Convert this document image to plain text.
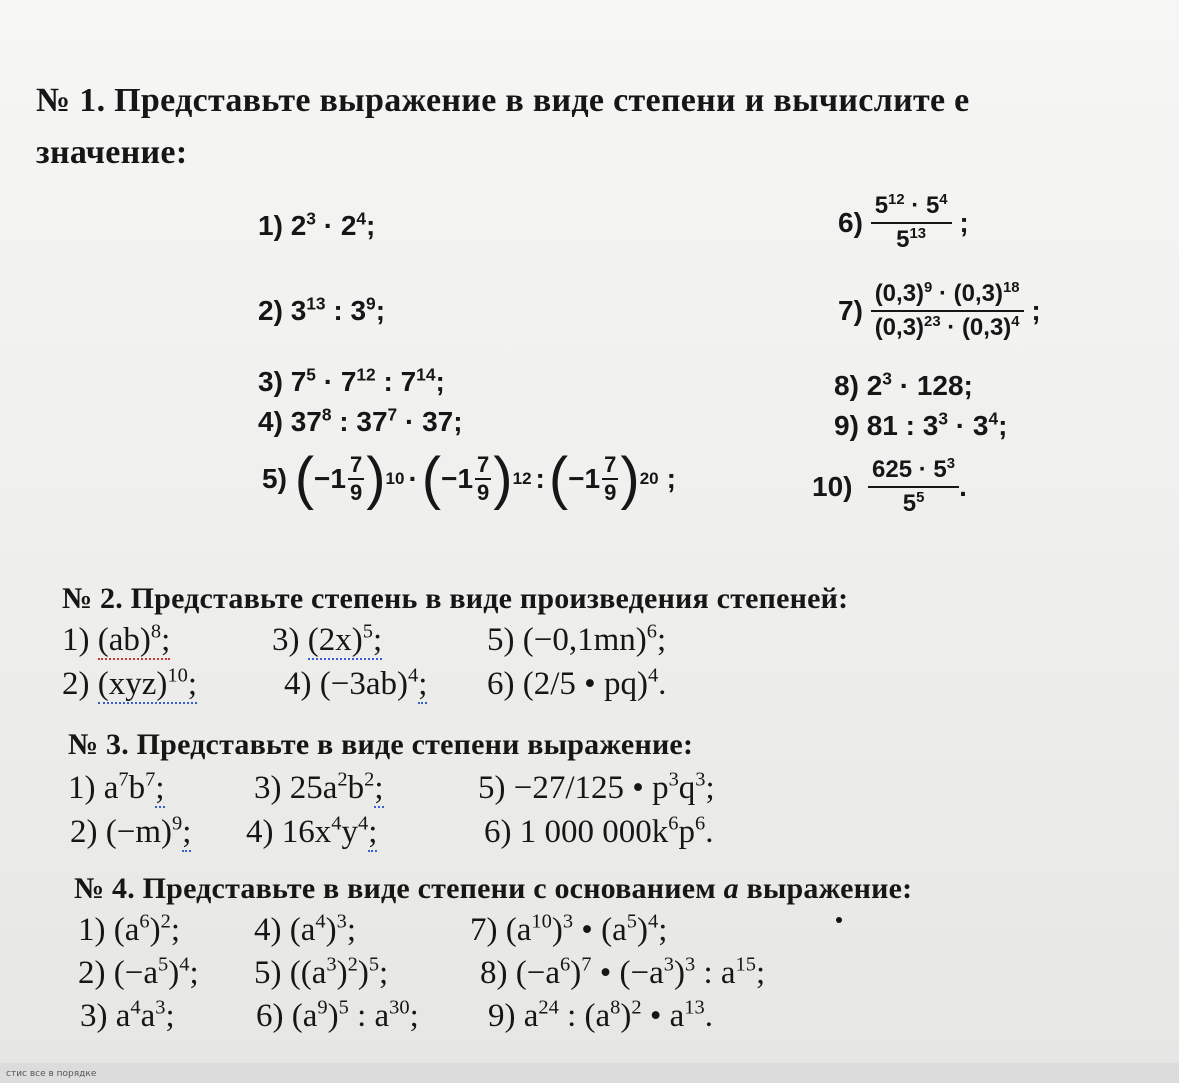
№ 1. Представьте выражение в виде степени и вычислите е
значение:
1) $2^3 \cdot 2^4$;
2) $3^{13}$ : $3^9$;
3) $7^5 \cdot 7^{12}$ : $7^{14}$;
4) $37^8$ : $37^7 \cdot 37$;
5)
( $-1 \frac{7}{9}$ ) 10 · ( $-1 \frac{7}{9}$ ) 12 : ( $-1 \frac{7}{9}$ ) 20 ;
6)
$\frac{5^{12} \cdot 5^4}{5^{13}}$
;
7)
$\frac{(0,3)^9 \cdot (0,3)^{18}}{(0,3)^{23} \cdot (0,3)^4}$
;
8) $2^3 \cdot 128$;
9) 81 : $3^3 \cdot 3^4$;
10)
$\frac{625 \cdot 5^3}{5^5}$ .
№ 2. Представьте степень в виде произведения степеней:
1) (ab)$^8$;	3) $(2x)^5$;	5) $(-0,1mn)^6$;
2) (xyz)$^{10}$;	4) $(-3ab)^4$; 6) (2/5 • pq)$^4$.
№ 3. Представьте в виде степени выражение:
1) $a^7b^7$;	3) $25a^2b^2$;	5) −27/125 • $p^3q^3$;
2) $(-m)^9$; 4) $16x^4y^4$;	6) 1 000 $000k^6p^6$.
№ 4. Представьте в виде степени с основанием а выражение:
1) $(a^6)^2$; 4) $(a^4)^3$;	7) $(a^{10})^3$ • $(a^5)^4$;
2) $(-a^5)^4$; 5) $((a^3)^2)^5$;	8) $(-a^6)^7$ • $(-a^3)^3$ : $a^{15}$;
3) $a^4a^3$; 6) $(a^9)^5$ : $a^{30}$; 9) $a^{24}$ : $(a^8)^2$ • $a^{13}$.
стис все в порядке
